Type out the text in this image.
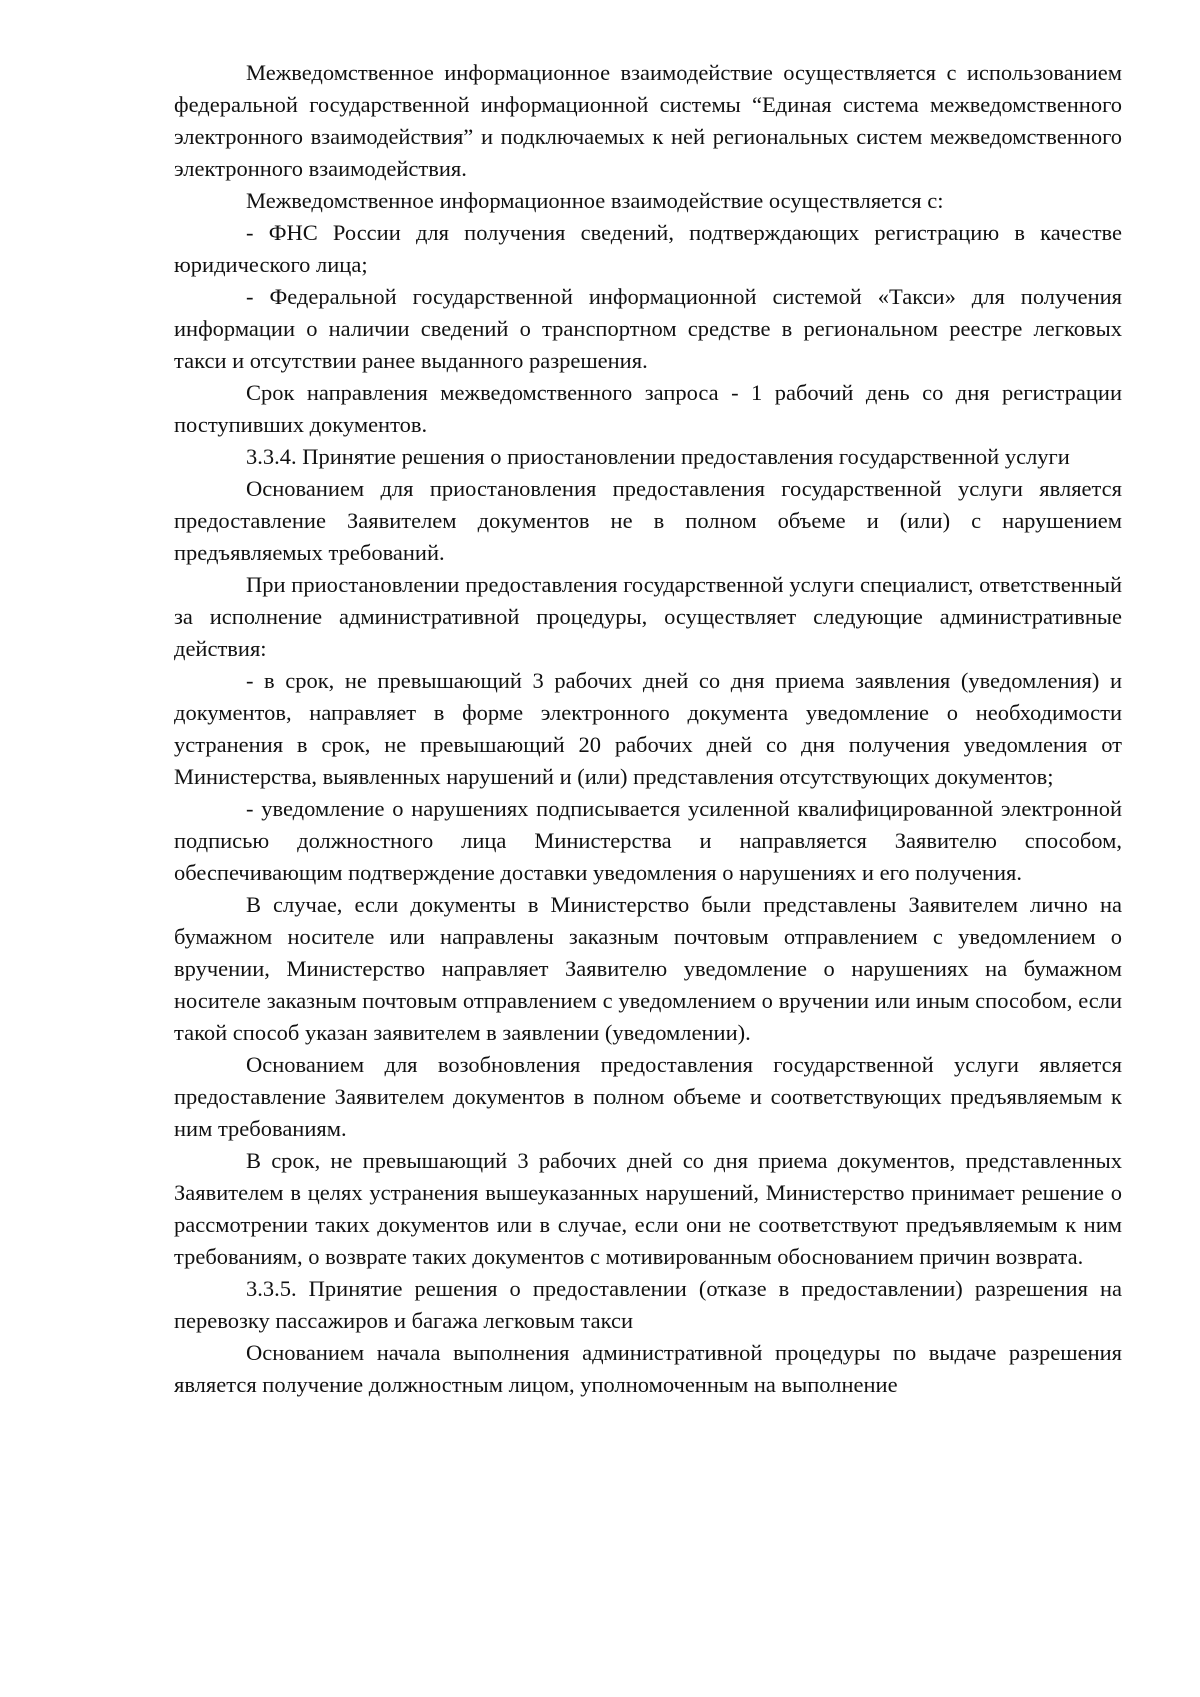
Межведомственное информационное взаимодействие осуществляется с использованием федеральной государственной информационной системы “Единая система межведомственного электронного взаимодействия” и подключаемых к ней региональных систем межведомственного электронного взаимодействия.

Межведомственное информационное взаимодействие осуществляется с:

- ФНС России для получения сведений, подтверждающих регистрацию в качестве юридического лица;

- Федеральной государственной информационной системой «Такси» для получения информации о наличии сведений о транспортном средстве в региональном реестре легковых такси и отсутствии ранее выданного разрешения.

Срок направления межведомственного запроса - 1 рабочий день со дня регистрации поступивших документов.

3.3.4. Принятие решения о приостановлении предоставления государственной услуги

Основанием для приостановления предоставления государственной услуги является предоставление Заявителем документов не в полном объеме и (или) с нарушением предъявляемых требований.

При приостановлении предоставления государственной услуги специалист, ответственный за исполнение административной процедуры, осуществляет следующие административные действия:

- в срок, не превышающий 3 рабочих дней со дня приема заявления (уведомления) и документов, направляет в форме электронного документа уведомление о необходимости устранения в срок, не превышающий 20 рабочих дней со дня получения уведомления от Министерства, выявленных нарушений и (или) представления отсутствующих документов;

- уведомление о нарушениях подписывается усиленной квалифицированной электронной подписью должностного лица Министерства и направляется Заявителю способом, обеспечивающим подтверждение доставки уведомления о нарушениях и его получения.

В случае, если документы в Министерство были представлены Заявителем лично на бумажном носителе или направлены заказным почтовым отправлением с уведомлением о вручении, Министерство направляет Заявителю уведомление о нарушениях на бумажном носителе заказным почтовым отправлением с уведомлением о вручении или иным способом, если такой способ указан заявителем в заявлении (уведомлении).

Основанием для возобновления предоставления государственной услуги является предоставление Заявителем документов в полном объеме и соответствующих предъявляемым к ним требованиям.

В срок, не превышающий 3 рабочих дней со дня приема документов, представленных Заявителем в целях устранения вышеуказанных нарушений, Министерство принимает решение о рассмотрении таких документов или в случае, если они не соответствуют предъявляемым к ним требованиям, о возврате таких документов с мотивированным обоснованием причин возврата.

3.3.5. Принятие решения о предоставлении (отказе в предоставлении) разрешения на перевозку пассажиров и багажа легковым такси

Основанием начала выполнения административной процедуры по выдаче разрешения является получение должностным лицом, уполномоченным на выполнение
